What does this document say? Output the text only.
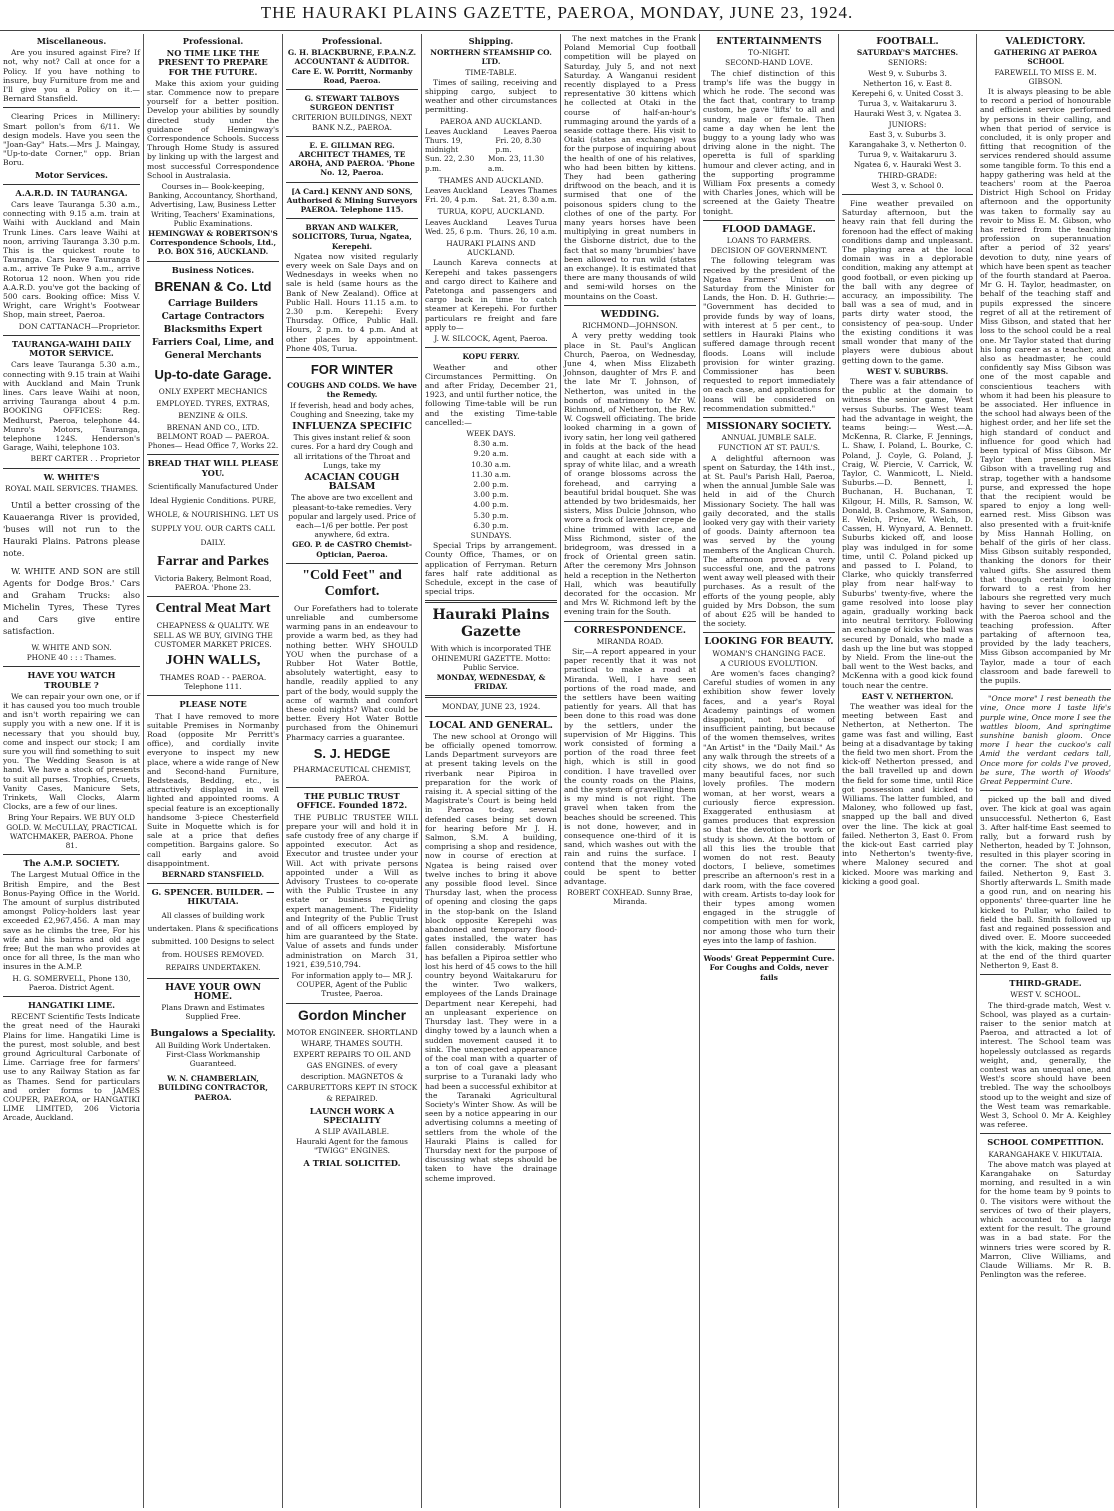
THE HAURAKI PLAINS GAZETTE, PAEROA, MONDAY, JUNE 23, 1924.
Miscellaneous.

Are you insured against Fire? If not, why not? Call at once for a Policy. If you have nothing to insure, buy Furniture from me and I'll give you a Policy on it.—Bernard Stansfield.

Clearing Prices in Millinery: Smart pollon's from 6/11. We design models. Have you seen the "Joan-Gay" Hats.—Mrs J. Maingay, "Up-to-date Corner," opp. Brian Boru.

Motor Services.
A.A.R.D. IN TAURANGA.

Cars leave Tauranga 5.30 a.m., connecting with 9.15 a.m. train at Waihi with Auckland and Main Trunk Lines. Cars leave Waihi at noon, arriving Tauranga 3.30 p.m. This is the quickest route to Tauranga. Cars leave Tauranga 8 a.m., arrive Te Puke 9 a.m., arrive Rotorua 12 noon. When you ride A.A.R.D. you've got the backing of 500 cars. Booking office: Miss V. Wright, care Wright's Footwear Shop, main street, Paeroa.

DON CATTANACH—Proprietor.

TAURANGA-WAIHI DAILY MOTOR SERVICE.

Cars leave Tauranga 5.30 a.m., connecting with 9.15 train at Waihi with Auckland and Main Trunk lines. Cars leave Waihi at noon, arriving Tauranga about 4 p.m. BOOKING OFFICES: Reg. Medhurst, Paeroa, telephone 44. Munro's Motors, Tauranga, telephone 124S. Henderson's Garage, Waihi, telephone 103.

BERT CARTER . . Proprietor

W. WHITE'S
ROYAL MAIL SERVICES. THAMES.

Until a better crossing of the Kauaeranga River is provided, 'buses will not run to the Hauraki Plains. Patrons please note.

W. WHITE AND SON are still Agents for Dodge Bros.' Cars and Graham Trucks: also Michelin Tyres, These Tyres and Cars give entire satisfaction.

W. WHITE AND SON.
PHONE 40 : : : Thames.
HAVE YOU WATCH TROUBLE ?

We can repair your own one, or if it has caused you too much trouble and isn't worth repairing we can supply you with a new one. If it is necessary that you should buy, come and inspect our stock; I am sure you will find something to suit you. The Wedding Season is at hand. We have a stock of presents to suit all purses. Trophies, Cruets, Vanity Cases, Manicure Sets, Trinkets, Wall Clocks, Alarm Clocks, are a few of our lines.

Bring Your Repairs. WE BUY OLD GOLD. W. McCULLAY, PRACTICAL WATCHMAKER, PAEROA. Phone 81.
The A.M.P. SOCIETY.

The Largest Mutual Office in the British Empire, and the Best Bonus-Paying Office in the World. The amount of surplus distributed amongst Policy-holders last year exceeded £2,967,456. A man may save as he climbs the tree, For his wife and his bairns and old age free; But the man who provides at once for all three, Is the man who insures in the A.M.P.

H. G. SOMERVELL, Phone 130, Paeroa. District Agent.
HANGATIKI LIME.

RECENT Scientific Tests Indicate the great need of the Hauraki Plains for lime. Hangatiki Lime is the purest, most soluble, and best ground Agricultural Carbonate of Lime. Carriage free for farmers' use to any Railway Station as far as Thames. Send for particulars and order forms to JAMES COUPER, PAEROA, or HANGATIKI LIME LIMITED, 206 Victoria Arcade, Auckland.

Professional.
NO TIME LIKE THE PRESENT TO PREPARE FOR THE FUTURE.

Make this axiom your guiding star. Commence now to prepare yourself for a better position. Develop your abilities by soundly directed study under the guidance of Hemingway's Correspondence Schools. Success Through Home Study is assured by linking up with the largest and most successful Correspondence School in Australasia.

Courses in— Book-keeping, Banking, Accountancy, Shorthand, Advertising, Law, Business Letter Writing, Teachers' Examinations, Public Examinations.
HEMINGWAY & ROBERTSON'S Correspondence Schools, Ltd., P.O. BOX 516, AUCKLAND.
Business Notices.
BRENAN & Co. Ltd
Carriage Builders Cartage Contractors Blacksmiths Expert Farriers Coal, Lime, and General Merchants
Up-to-date Garage.
ONLY EXPERT MECHANICS EMPLOYED. TYRES, EXTRAS, BENZINE & OILS.
BRENAN AND CO., LTD. BELMONT ROAD — PAEROA. Phones— Head Office 7, Works 22.
BREAD THAT WILL PLEASE YOU.
Scientifically Manufactured Under Ideal Hygienic Conditions. PURE, WHOLE, & NOURISHING. LET US SUPPLY YOU. OUR CARTS CALL DAILY.
Farrar and Parkes
Victoria Bakery, Belmont Road, PAEROA. 'Phone 23.
Central Meat Mart
CHEAPNESS & QUALITY. WE SELL AS WE BUY, GIVING THE CUSTOMER MARKET PRICES.
JOHN WALLS,
THAMES ROAD - - PAEROA. Telephone 111.
PLEASE NOTE

That I have removed to more suitable Premises in Normanby Road (opposite Mr Perritt's office), and cordially invite everyone to inspect my new place, where a wide range of New and Second-hand Furniture, Bedsteads, Bedding, etc., is attractively displayed in well lighted and appointed rooms. A special feature is an exceptionally handsome 3-piece Chesterfield Suite in Moquette which is for sale at a price that defies competition. Bargains galore. So call early and avoid disappointment.

BERNARD STANSFIELD.
G. SPENCER. BUILDER. — HIKUTAIA.
All classes of building work undertaken. Plans & specifications submitted. 100 Designs to select from. HOUSES REMOVED. REPAIRS UNDERTAKEN.
HAVE YOUR OWN HOME.
Plans Drawn and Estimates Supplied Free.
Bungalows a Speciality.
All Building Work Undertaken. First-Class Workmanship Guaranteed.
W. N. CHAMBERLAIN, BUILDING CONTRACTOR, PAEROA.
Professional.
G. H. BLACKBURNE, F.P.A.N.Z. ACCOUNTANT & AUDITOR. Care E. W. Porritt, Normanby Road, Paeroa.
G. STEWART TALBOYS SURGEON DENTIST
CRITERION BUILDINGS, NEXT BANK N.Z., PAEROA.
E. E. GILLMAN REG. ARCHITECT THAMES, TE AROHA, AND PAEROA. 'Phone No. 12, Paeroa.
[A Card.] KENNY AND SONS, Authorised & Mining Surveyors PAEROA. Telephone 115.
BRYAN AND WALKER, SOLICITORS, Turua, Ngatea, Kerepehi.

Ngatea now visited regularly every week on Sale Days and on Wednesdays in weeks when no sale is held (same hours as the Bank of New Zealand). Office at Public Hall. Hours 11.15 a.m. to 2.30 p.m. Kerepehi: Every Thursday. Office, Public Hall. Hours, 2 p.m. to 4 p.m. And at other places by appointment. Phone 40S, Turua.

FOR WINTER
COUGHS AND COLDS. We have the Remedy.
If feverish, head and body aches, Coughing and Sneezing, take my
INFLUENZA SPECIFIC
This gives instant relief & soon cures. For a hard dry Cough and all irritations of the Throat and Lungs, take my
ACACIAN COUGH BALSAM
The above are two excellent and pleasant-to-take remedies. Very popular and largely used. Price of each—1/6 per bottle. Per post anywhere, 6d extra.
GEO. P. de CASTRO Chemist-Optician, Paeroa.
"Cold Feet" and Comfort.

Our Forefathers had to tolerate unreliable and cumbersome warming pans in an endeavour to provide a warm bed, as they had nothing better. WHY SHOULD YOU when the purchase of a Rubber Hot Water Bottle, absolutely watertight, easy to handle, readily applied to any part of the body, would supply the acme of warmth and comfort these cold nights? What could be better. Every Hot Water Bottle purchased from the Ohinemuri Pharmacy carries a guarantee.

S. J. HEDGE
PHARMACEUTICAL CHEMIST, PAEROA.
THE PUBLIC TRUST OFFICE. Founded 1872.

THE PUBLIC TRUSTEE WILL prepare your will and hold it in safe custody free of any charge if appointed executor. Act as Executor and trustee under your Will. Act with private persons appointed under a Will as Advisory Trustees to co-operate with the Public Trustee in any estate or business requiring expert management. The Fidelity and Integrity of the Public Trust and of all officers employed by him are guaranteed by the State. Value of assets and funds under administration on March 31, 1921, £39,510,794.

For information apply to— MR J. COUPER, Agent of the Public Trustee, Paeroa.
Gordon Mincher
MOTOR ENGINEER. SHORTLAND WHARF, THAMES SOUTH. EXPERT REPAIRS TO OIL AND GAS ENGINES. of every description. MAGNETOS & CARBURETTORS KEPT IN STOCK & REPAIRED.
LAUNCH WORK A SPECIALITY
A SLIP AVAILABLE.
Hauraki Agent for the famous "TWIGG" ENGINES.
A TRIAL SOLICITED.
Shipping.
NORTHERN STEAMSHIP CO. LTD.
TIME-TABLE.

Times of sailing, receiving and shipping cargo, subject to weather and other circumstances permitting.

PAEROA AND AUCKLAND.
Leaves Auckland Leaves Paeroa
Thurs. 19, midnight
Fri. 20, 8.30 p.m.
Sun. 22, 2.30 p.m.
Mon. 23, 11.30 a.m.
THAMES AND AUCKLAND.
Leaves Auckland Leaves Thames
Fri. 20, 4 p.m. Sat. 21, 8.30 a.m.
TURUA, KOPU, AUCKLAND.
Leaves Auckland	Leaves Turua
Wed. 25, 6 p.m. Thurs. 26, 10 a.m.
HAURAKI PLAINS AND AUCKLAND.

Launch Kareva connects at Kerepehi and takes passengers and cargo direct to Kaihere and Patetonga and passengers and cargo back in time to catch steamer at Kerepehi. For further particulars re freight and fare apply to—

J. W. SILCOCK, Agent, Paeroa.
KOPU FERRY.

Weather and other Circumstances Permitting. On and after Friday, December 21, 1923, and until further notice, the following Time-table will be run and the existing Time-table cancelled:—

WEEK DAYS.
8.30 a.m.
9.20 a.m.
10.30 a.m.
11.30 a.m.
2.00 p.m.
3.00 p.m.
4.00 p.m.
5.30 p.m.
6.30 p.m.
SUNDAYS.

Special Trips by arrangement. County Office, Thames, or on application of Ferryman. Return fares half rate additional as Schedule, except in the case of special trips.

Hauraki Plains Gazette
With which is incorporated THE OHINEMURI GAZETTE. Motto: Public Service.
MONDAY, WEDNESDAY, & FRIDAY.
MONDAY, JUNE 23, 1924.
LOCAL AND GENERAL.

The new school at Orongo will be officially opened tomorrow. Lands Department surveyors are at present taking levels on the riverbank near Pipiroa in preparation for the work of raising it. A special sitting of the Magistrate's Court is being held in Paeroa to-day, several defended cases being set down for hearing before Mr J. H. Salmon, S.M. A building, comprising a shop and residence, now in course of erection at Ngatea is being raised over twelve inches to bring it above any possible flood level. Since Thursday last, when the process of opening and closing the gaps in the stop-bank on the Island block opposite Kerepehi was abandoned and temporary flood-gates installed, the water has fallen considerably. Misfortune has befallen a Pipiroa settler who lost his herd of 45 cows to the hill country beyond Waitakaruru for the winter. Two walkers, employees of the Lands Drainage Department near Kerepehi, had an unpleasant experience on Thursday last. They were in a dinghy towed by a launch when a sudden movement caused it to sink. The unexpected appearance of the coal man with a quarter of a ton of coal gave a pleasant surprise to a Turanaki lady who had been a successful exhibitor at the Taranaki Agricultural Society's Winter Show. As will be seen by a notice appearing in our advertising columns a meeting of settlers from the whole of the Hauraki Plains is called for Thursday next for the purpose of discussing what steps should be taken to have the drainage scheme improved.

The next matches in the Frank Poland Memorial Cup football competition will be played on Saturday, July 5, and not next Saturday. A Wanganui resident recently displayed to a Press representative 30 kittens which he collected at Otaki in the course of half-an-hour's rummaging around the yards of a seaside cottage there. His visit to Otaki (states an exchange) was for the purpose of inquiring about the health of one of his relatives, who had been bitten by kittens. They had been gathering driftwood on the beach, and it is surmised that one of the poisonous spiders clung to the clothes of one of the party. For many years horses have been multiplying in great numbers in the Gisborne district, due to the fact that so many 'brumbies' have been allowed to run wild (states an exchange). It is estimated that there are many thousands of wild and semi-wild horses on the mountains on the Coast.

WEDDING.
RICHMOND—JOHNSON.

A very pretty wedding took place in St. Paul's Anglican Church, Paeroa, on Wednesday, June 4, when Miss Elizabeth Johnson, daughter of Mrs F. and the late Mr T. Johnson, of Netherton, was united in the bonds of matrimony to Mr W. Richmond, of Netherton, the Rev. W. Cogswell officiating. The bride looked charming in a gown of ivory satin, her long veil gathered in folds at the back of the head and caught at each side with a spray of white lilac, and a wreath of orange blossoms across the forehead, and carrying a beautiful bridal bouquet. She was attended by two bridesmaids, her sisters, Miss Dulcie Johnson, who wore a frock of lavender crepe de chine trimmed with lace, and Miss Richmond, sister of the bridegroom, was dressed in a frock of Oriental green satin. After the ceremony Mrs Johnson held a reception in the Netherton Hall, which was beautifully decorated for the occasion. Mr and Mrs W. Richmond left by the evening train for the South.

CORRESPONDENCE.
MIRANDA ROAD.

Sir,—A report appeared in your paper recently that it was not practical to make a road at Miranda. Well, I have seen portions of the road made, and the settlers have been waiting patiently for years. All that has been done to this road was done by the settlers, under the supervision of Mr Higgins. This work consisted of forming a portion of the road three feet high, which is still in good condition. I have travelled over the county roads on the Plains, and the system of gravelling them is my mind is not right. The gravel when taken from the beaches should be screened. This is not done, however, and in consequence one-third of it is sand, which washes out with the rain and ruins the surface. I contend that the money voted could be spent to better advantage.

ROBERT COXHEAD. Sunny Brae, Miranda.
ENTERTAINMENTS
TO-NIGHT.
SECOND-HAND LOVE.

The chief distinction of this tramp's life was the buggy in which he rode. The second was the fact that, contrary to tramp custom, he gave 'lifts' to all and sundry, male or female. Then came a day when he lent the buggy to a young lady who was driving alone in the night. The operetta is full of sparkling humour and clever acting, and in the supporting programme William Fox presents a comedy with Charles Jones, which will be screened at the Gaiety Theatre tonight.

FLOOD DAMAGE.
LOANS TO FARMERS.
DECISION OF GOVERNMENT.

The following telegram was received by the president of the Ngatea Farmers' Union on Saturday from the Minister for Lands, the Hon. D. H. Guthrie:— "Government has decided to provide funds by way of loans, with interest at 5 per cent., to settlers in Hauraki Plains who suffered damage through recent floods. Loans will include provision for winter grazing. Commissioner has been requested to report immediately on each case, and applications for loans will be considered on recommendation submitted."

MISSIONARY SOCIETY.
ANNUAL JUMBLE SALE.
FUNCTION AT ST. PAUL'S.

A delightful afternoon was spent on Saturday, the 14th inst., at St. Paul's Parish Hall, Paeroa, when the annual Jumble Sale was held in aid of the Church Missionary Society. The hall was gaily decorated, and the stalls looked very gay with their variety of goods. Dainty afternoon tea was served by the young members of the Anglican Church. The afternoon proved a very successful one, and the patrons went away well pleased with their purchases. As a result of the efforts of the young people, ably guided by Mrs Dobson, the sum of about £25 will be handed to the society.

LOOKING FOR BEAUTY.
WOMAN'S CHANGING FACE.
A CURIOUS EVOLUTION.

Are women's faces changing? Careful studies of women in any exhibition show fewer lovely faces, and a year's Royal Academy paintings of women disappoint, not because of insufficient painting, but because of the women themselves, writes "An Artist" in the "Daily Mail." As any walk through the streets of a city shows, we do not find so many beautiful faces, nor such lovely profiles. The modern woman, at her worst, wears a curiously fierce expression. Exaggerated enthusiasm at games produces that expression so that the devotion to work or study is shown. At the bottom of all this lies the trouble that women do not rest. Beauty doctors, I believe, sometimes prescribe an afternoon's rest in a dark room, with the face covered with cream. Artists to-day look for their types among women engaged in the struggle of competition with men for work, nor among those who turn their eyes into the lamp of fashion.

Woods' Great Peppermint Cure. For Coughs and Colds, never fails
FOOTBALL.
SATURDAY'S MATCHES.
SENIORS:
West 9, v. Suburbs 3.
Netherton 16, v. East 8.
Kerepehi 6, v. United Cosst 3.
Turua 3, v. Waitakaruru 3.
Hauraki West 3, v. Ngatea 3.
JUNIORS:
East 3, v. Suburbs 3.
Karangahake 3, v. Netherton 0.
Turua 9, v. Waitakaruru 3.
Ngatea 6, v. Hauraki West 3.
THIRD-GRADE:
West 3, v. School 0.

Fine weather prevailed on Saturday afternoon, but the heavy rain that fell during the forenoon had the effect of making conditions damp and unpleasant. The playing area at the local domain was in a deplorable condition, making any attempt at good football, or even picking up the ball with any degree of accuracy, an impossibility. The ball was a sea of mud, and in parts dirty water stood, the consistency of pea-soup. Under the existing conditions it was small wonder that many of the players were dubious about getting down to the game.

WEST V. SUBURBS.

There was a fair attendance of the public at the domain to witness the senior game, West versus Suburbs. The West team had the advantage in weight, the teams being:— West.—A. McKenna, R. Clarke, F. Jennings, L. Shaw, I. Poland, L. Bourke, C. Poland, J. Coyle, G. Poland, J. Craig, W. Piercie, V. Carrick, W. Taylor, C. Wanmicott, L. Nield. Suburbs.—D. Bennett, I. Buchanan, H. Buchanan, T. Kilgour, H. Mills, R. Samson, W. Donald, B. Cashmore, R. Samson, E. Welch, Price, W. Welch, D. Cassen, H. Wynyard, A. Bennett. Suburbs kicked off, and loose play was indulged in for some time, until C. Poland picked up and passed to I. Poland, to Clarke, who quickly transferred play from near half-way to Suburbs' twenty-five, where the game resolved into loose play again, gradually working back into neutral territory. Following an exchange of kicks the ball was secured by Donald, who made a dash up the line but was stopped by Nield. From the line-out the ball went to the West backs, and McKenna with a good kick found touch near the centre.

EAST V. NETHERTON.

The weather was ideal for the meeting between East and Netherton, at Netherton. The game was fast and willing, East being at a disadvantage by taking the field two men short. From the kick-off Netherton pressed, and the ball travelled up and down the field for some time, until Rice got possession and kicked to Williams. The latter fumbled, and Maloney, who followed up fast, snapped up the ball and dived over the line. The kick at goal failed. Netherton 3, East 0. From the kick-out East carried play into Netherton's twenty-five, where Maloney secured and kicked. Moore was marking and kicking a good goal.

VALEDICTORY.
GATHERING AT PAEROA SCHOOL
FAREWELL TO MISS E. M. GIBSON.

It is always pleasing to be able to record a period of honourable and efficient service performed by persons in their calling, and when that period of service is concluded, it is only proper and fitting that recognition of the services rendered should assume some tangible form. To this end a happy gathering was held at the teachers' room at the Paeroa District High School on Friday afternoon and the opportunity was taken to formally say au revoir to Miss E. M. Gibson, who has retired from the teaching profession on superannuation after a period of 32 years' devotion to duty, nine years of which have been spent as teacher of the fourth standard at Paeroa. Mr G. H. Taylor, headmaster, on behalf of the teaching staff and pupils expressed the sincere regret of all at the retirement of Miss Gibson, and stated that her loss to the school could be a real one. Mr Taylor stated that during his long career as a teacher, and also as headmaster, he could confidently say Miss Gibson was one of the most capable and conscientious teachers with whom it had been his pleasure to be associated. Her influence in the school had always been of the highest order, and her life set the high standard of conduct and influence for good which had been typical of Miss Gibson. Mr Taylor then presented Miss Gibson with a travelling rug and strap, together with a handsome purse, and expressed the hope that the recipient would be spared to enjoy a long well-earned rest. Miss Gibson was also presented with a fruit-knife by Miss Hannah Holling, on behalf of the girls of her class. Miss Gibson suitably responded, thanking the donors for their valued gifts. She assured them that though certainly looking forward to a rest from her labours she regretted very much having to sever her connection with the Paeroa school and the teaching profession. After partaking of afternoon tea, provided by the lady teachers, Miss Gibson accompanied by Mr Taylor, made a tour of each classroom and bade farewell to the pupils.

"Once more" I rest beneath the vine, Once more I taste life's purple wine, Once more I see the wattles bloom, And springtime sunshine banish gloom. Once more I hear the cuckoo's call Amid the verdant cedars tall, Once more for colds I've proved, be sure, The worth of Woods' Great Peppermint Cure.

picked up the ball and dived over. The kick at goal was again unsuccessful. Netherton 6, East 3. After half-time East seemed to rally, but a forward rush by Netherton, headed by T. Johnson, resulted in this player scoring in the corner. The shot at goal failed. Netherton 9, East 3. Shortly afterwards L. Smith made a good run, and on nearing his opponents' three-quarter line he kicked to Pullar, who failed to field the ball. Smith followed up fast and regained possession and dived over. E. Moore succeeded with the kick, making the scores at the end of the third quarter Netherton 9, East 8.

THIRD-GRADE.
WEST V. SCHOOL.

The third-grade match, West v. School, was played as a curtain-raiser to the senior match at Paeroa, and attracted a lot of interest. The School team was hopelessly outclassed as regards weight, and, generally, the contest was an unequal one, and West's score should have been trebled. The way the schoolboys stood up to the weight and size of the West team was remarkable. West 3, School 0. Mr A. Keighley was referee.

SCHOOL COMPETITION.
KARANGAHAKE V. HIKUTAIA.

The above match was played at Karangahake on Saturday morning, and resulted in a win for the home team by 9 points to 0. The visitors were without the services of two of their players, which accounted to a large extent for the result. The ground was in a bad state. For the winners tries were scored by R. Marron, Clive Williams, and Claude Williams. Mr R. B. Penlington was the referee.
